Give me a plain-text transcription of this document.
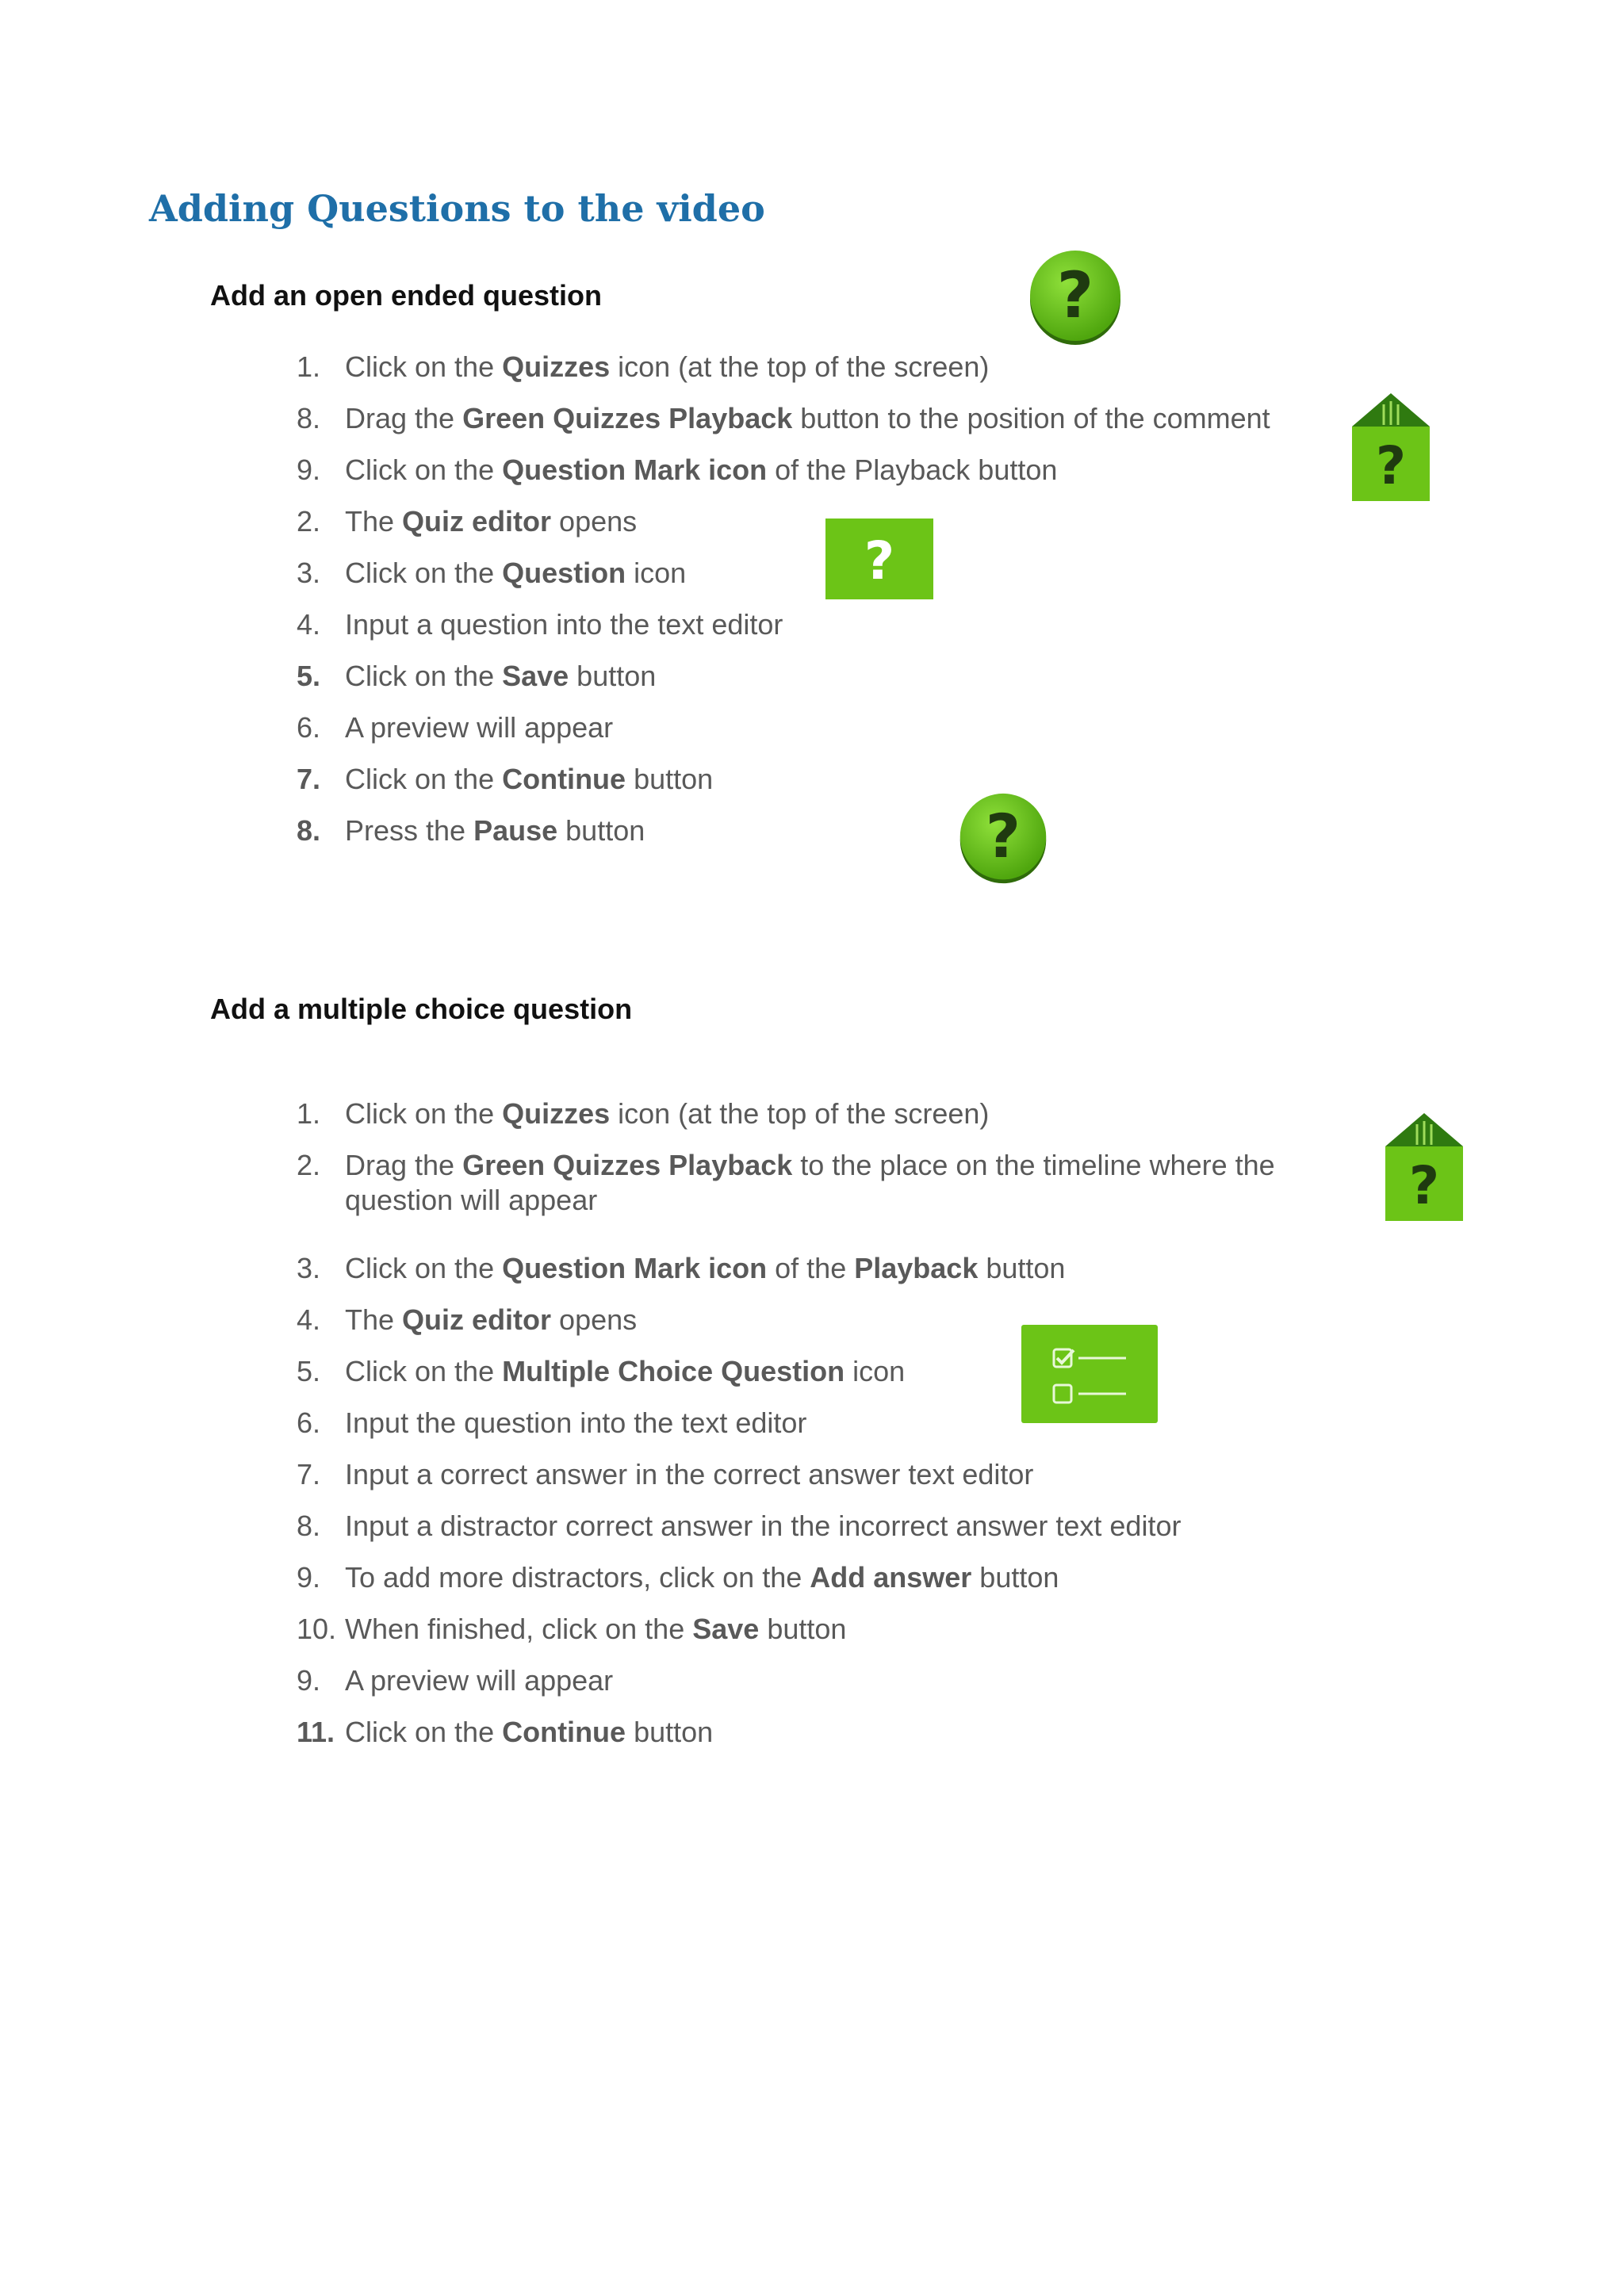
Adding Questions to the video
Add an open ended question
1. Click on the Quizzes icon (at the top of the screen)
8. Drag the Green Quizzes Playback button to the position of the comment
9. Click on the Question Mark icon of the Playback button
2. The Quiz editor opens
3. Click on the Question icon
4. Input a question into the text editor
5. Click on the Save button
6. A preview will appear
7. Click on the Continue button
8. Press the Pause button
Add a multiple choice question
1. Click on the Quizzes icon (at the top of the screen)
2. Drag the Green Quizzes Playback to the place on the timeline where the question will appear
3. Click on the Question Mark icon of the Playback button
4. The Quiz editor opens
5. Click on the Multiple Choice Question icon
6. Input the question into the text editor
7. Input a correct answer in the correct answer text editor
8. Input a distractor correct answer in the incorrect answer text editor
9. To add more distractors, click on the Add answer button
10. When finished, click on the Save button
9. A preview will appear
11. Click on the Continue button
?
?
?
?
?
